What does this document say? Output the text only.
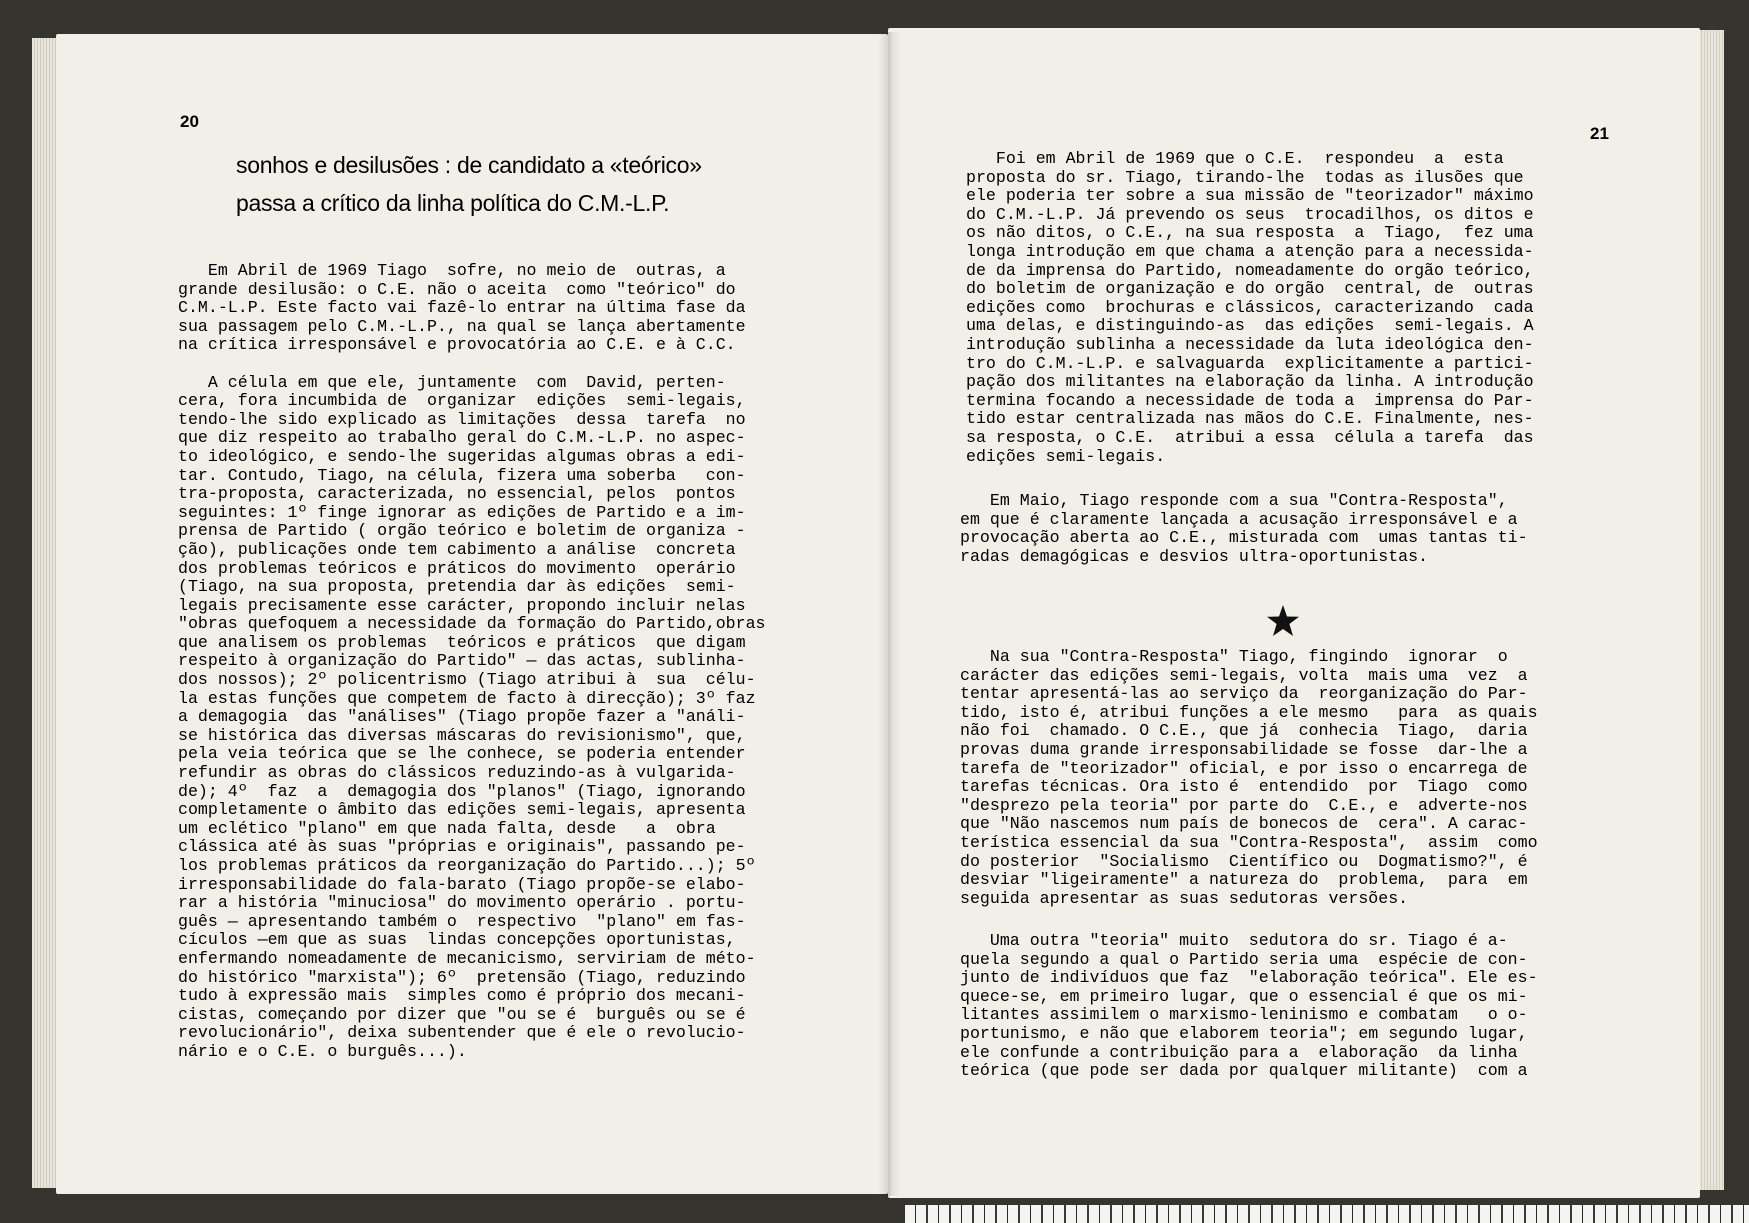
20
sonhos e desilusões : de candidato a «teórico»
passa a crítico da linha política do C.M.-L.P.
Em Abril de 1969 Tiago  sofre, no meio de  outras, a
grande desilusão: o C.E. não o aceita  como "teórico" do
C.M.-L.P. Este facto vai fazê-lo entrar na última fase da
sua passagem pelo C.M.-L.P., na qual se lança abertamente
na crítica irresponsável e provocatória ao C.E. e à C.C.

A célula em que ele, juntamente  com  David, perten-
cera, fora incumbida de  organizar  edições  semi-legais,
tendo-lhe sido explicado as limitações  dessa  tarefa  no
que diz respeito ao trabalho geral do C.M.-L.P. no aspec-
to ideológico, e sendo-lhe sugeridas algumas obras a edi-
tar. Contudo, Tiago, na célula, fizera uma soberba   con-
tra-proposta, caracterizada, no essencial, pelos  pontos
seguintes: 1º finge ignorar as edições de Partido e a im-
prensa de Partido ( orgão teórico e boletim de organiza -
ção), publicações onde tem cabimento a análise  concreta
dos problemas teóricos e práticos do movimento  operário
(Tiago, na sua proposta, pretendia dar às edições  semi-
legais precisamente esse carácter, propondo incluir nelas
"obras quefoquem a necessidade da formação do Partido,obras
que analisem os problemas  teóricos e práticos  que digam
respeito à organização do Partido" — das actas, sublinha-
dos nossos); 2º policentrismo (Tiago atribui à  sua  célu-
la estas funções que competem de facto à direcção); 3º faz
a demagogia  das "análises" (Tiago propõe fazer a "análi-
se histórica das diversas máscaras do revisionismo", que,
pela veia teórica que se lhe conhece, se poderia entender
refundir as obras do clássicos reduzindo-as à vulgarida-
de); 4º  faz  a  demagogia dos "planos" (Tiago, ignorando
completamente o âmbito das edições semi-legais, apresenta
um eclético "plano" em que nada falta, desde   a  obra
clássica até às suas "próprias e originais", passando pe-
los problemas práticos da reorganização do Partido...); 5º
irresponsabilidade do fala-barato (Tiago propõe-se elabo-
rar a história "minuciosa" do movimento operário . portu-
guês — apresentando também o  respectivo  "plano" em fas-
cículos —em que as suas  lindas concepções oportunistas,
enfermando nomeadamente de mecanicismo, serviriam de méto-
do histórico "marxista"); 6º  pretensão (Tiago, reduzindo
tudo à expressão mais  simples como é próprio dos mecani-
cistas, começando por dizer que "ou se é  burguês ou se é
revolucionário", deixa subentender que é ele o revolucio-
nário e o C.E. o burguês...).
21
Foi em Abril de 1969 que o C.E.  respondeu  a  esta
proposta do sr. Tiago, tirando-lhe  todas as ilusões que
ele poderia ter sobre a sua missão de "teorizador" máximo
do C.M.-L.P. Já prevendo os seus  trocadilhos, os ditos e
os não ditos, o C.E., na sua resposta  a  Tiago,  fez uma
longa introdução em que chama a atenção para a necessida-
de da imprensa do Partido, nomeadamente do orgão teórico,
do boletim de organização e do orgão  central, de  outras
edições como  brochuras e clássicos, caracterizando  cada
uma delas, e distinguindo-as  das edições  semi-legais. A
introdução sublinha a necessidade da luta ideológica den-
tro do C.M.-L.P. e salvaguarda  explicitamente a partici-
pação dos militantes na elaboração da linha. A introdução
termina focando a necessidade de toda a  imprensa do Par-
tido estar centralizada nas mãos do C.E. Finalmente, nes-
sa resposta, o C.E.  atribui a essa  célula a tarefa  das
edições semi-legais.
Em Maio, Tiago responde com a sua "Contra-Resposta",
em que é claramente lançada a acusação irresponsável e a
provocação aberta ao C.E., misturada com  umas tantas ti-
radas demagógicas e desvios ultra-oportunistas.
Na sua "Contra-Resposta" Tiago, fingindo  ignorar  o
carácter das edições semi-legais, volta  mais uma  vez  a
tentar apresentá-las ao serviço da  reorganização do Par-
tido, isto é, atribui funções a ele mesmo   para  as quais
não foi  chamado. O C.E., que já  conhecia  Tiago,  daria
provas duma grande irresponsabilidade se fosse  dar-lhe a
tarefa de "teorizador" oficial, e por isso o encarrega de
tarefas técnicas. Ora isto é  entendido  por  Tiago  como
"desprezo pela teoria" por parte do  C.E., e  adverte-nos
que "Não nascemos num país de bonecos de  cera". A carac-
terística essencial da sua "Contra-Resposta",  assim  como
do posterior  "Socialismo  Científico ou  Dogmatismo?", é
desviar "ligeiramente" a natureza do  problema,  para  em
seguida apresentar as suas sedutoras versões.
Uma outra "teoria" muito  sedutora do sr. Tiago é a-
quela segundo a qual o Partido seria uma  espécie de con-
junto de indivíduos que faz  "elaboração teórica". Ele es-
quece-se, em primeiro lugar, que o essencial é que os mi-
litantes assimilem o marxismo-leninismo e combatam   o o-
portunismo, e não que elaborem teoria"; em segundo lugar,
ele confunde a contribuição para a  elaboração  da linha
teórica (que pode ser dada por qualquer militante)  com a
